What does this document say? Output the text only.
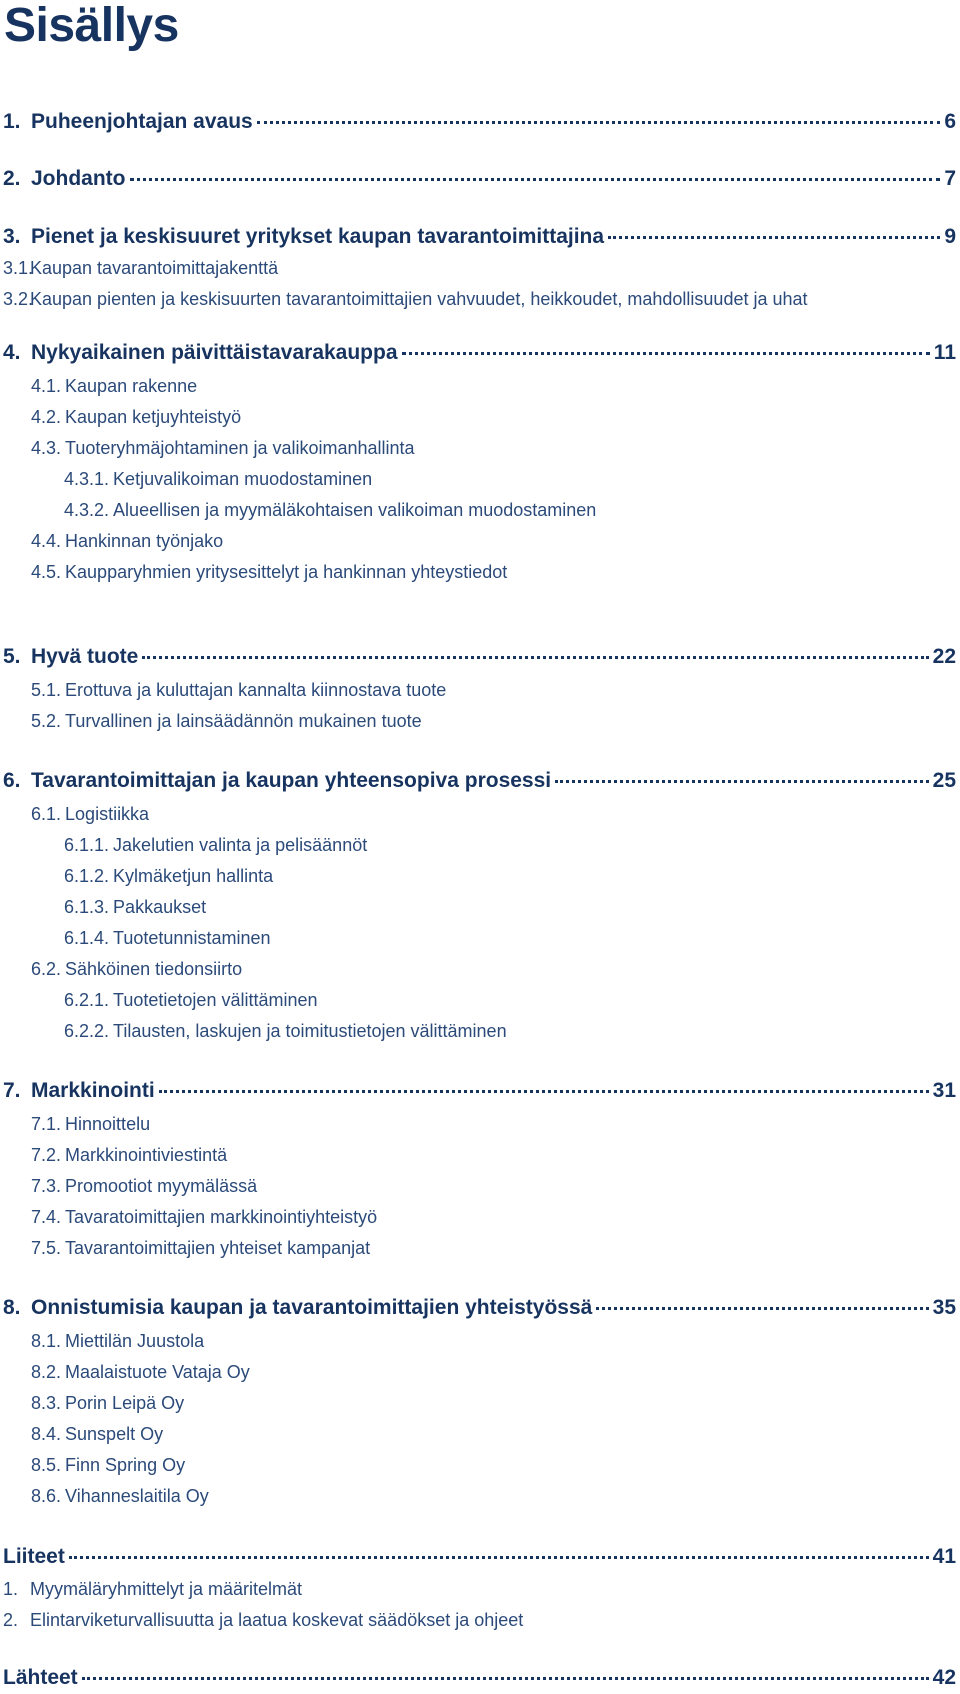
Sisällys
1. Puheenjohtajan avaus	6
2. Johdanto	7
3. Pienet ja keskisuuret yritykset kaupan tavarantoimittajina	9
3.1.Kaupan tavarantoimittajakenttä
3.2.Kaupan pienten ja keskisuurten tavarantoimittajien vahvuudet, heikkoudet, mahdollisuudet ja uhat
4. Nykyaikainen päivittäistavarakauppa	11
4.1. Kaupan rakenne
4.2. Kaupan ketjuyhteistyö
4.3. Tuoteryhmäjohtaminen ja valikoimanhallinta
4.3.1. Ketjuvalikoiman muodostaminen
4.3.2. Alueellisen ja myymäläkohtaisen valikoiman muodostaminen
4.4. Hankinnan työnjako
4.5. Kaupparyhmien yritysesittelyt ja hankinnan yhteystiedot
5. Hyvä tuote	22
5.1. Erottuva ja kuluttajan kannalta kiinnostava tuote
5.2. Turvallinen ja lainsäädännön mukainen tuote
6. Tavarantoimittajan ja kaupan yhteensopiva prosessi	25
6.1. Logistiikka
6.1.1. Jakelutien valinta ja pelisäännöt
6.1.2. Kylmäketjun hallinta
6.1.3. Pakkaukset
6.1.4. Tuotetunnistaminen
6.2. Sähköinen tiedonsiirto
6.2.1. Tuotetietojen välittäminen
6.2.2. Tilausten, laskujen ja toimitustietojen välittäminen
7. Markkinointi	31
7.1. Hinnoittelu
7.2. Markkinointiviestintä
7.3. Promootiot myymälässä
7.4. Tavaratoimittajien markkinointiyhteistyö
7.5. Tavarantoimittajien yhteiset kampanjat
8. Onnistumisia kaupan ja tavarantoimittajien yhteistyössä	35
8.1. Miettilän Juustola
8.2. Maalaistuote Vataja Oy
8.3. Porin Leipä Oy
8.4. Sunspelt Oy
8.5. Finn Spring Oy
8.6. Vihanneslaitila Oy
Liiteet	41
1. Myymäläryhmittelyt ja määritelmät
2. Elintarviketurvallisuutta ja laatua koskevat säädökset ja ohjeet
Lähteet	42
